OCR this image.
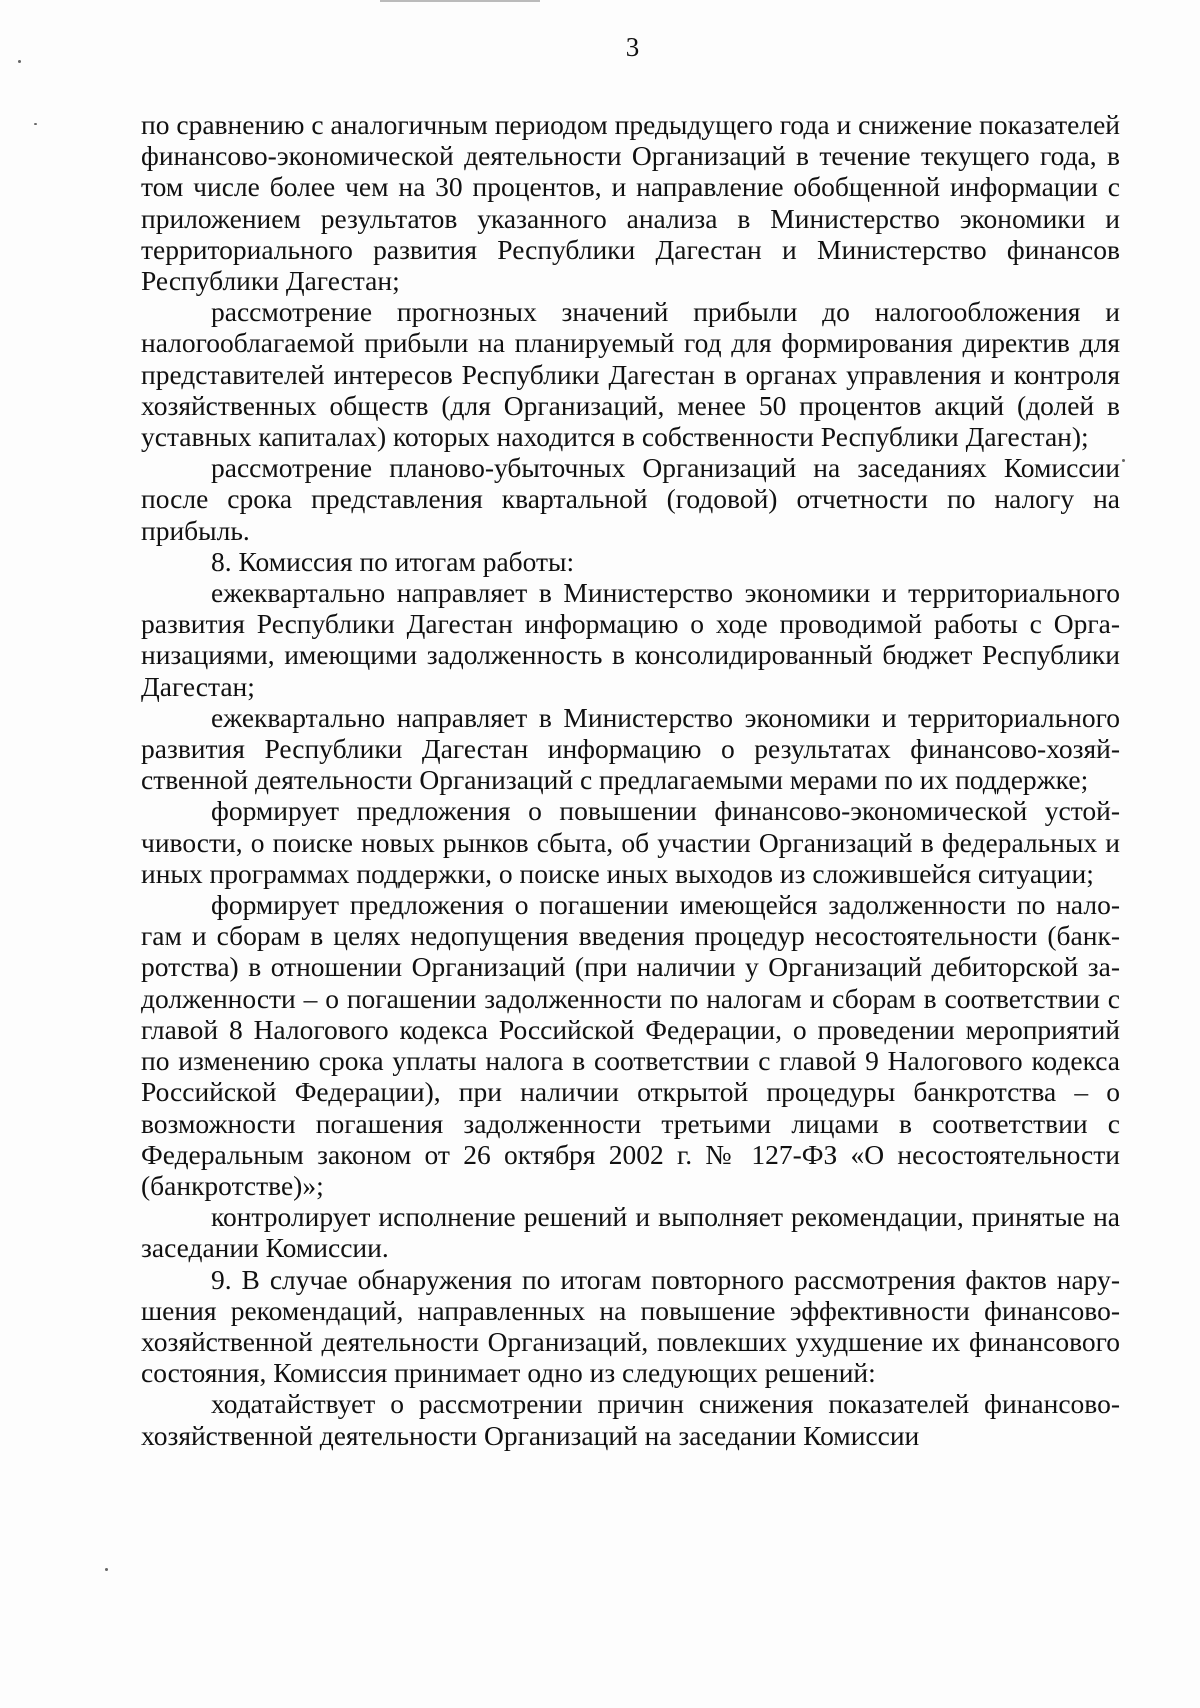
3

по сравнению с аналогичным периодом предыдущего года и снижение показателей финансово-экономической деятельности Организаций в течение текущего года, в том числе более чем на 30 процентов, и направление обобщенной информации с приложением результатов указанного анализа в Министерство экономики и территориального развития Республики Дагестан и Министерство финансов Республики Дагестан;

рассмотрение прогнозных значений прибыли до налогообложения и налогооблагаемой прибыли на планируемый год для формирования директив для представителей интересов Республики Дагестан в органах управления и контроля хозяйственных обществ (для Организаций, менее 50 процентов акций (долей в уставных капиталах) которых находится в собственности Республики Дагестан);

рассмотрение планово-убыточных Организаций на заседаниях Комиссии после срока представления квартальной (годовой) отчетности по налогу на прибыль.

8. Комиссия по итогам работы:

ежеквартально направляет в Министерство экономики и территориального развития Республики Дагестан информацию о ходе проводимой работы с Организациями, имеющими задолженность в консолидированный бюджет Республики Дагестан;

ежеквартально направляет в Министерство экономики и территориального развития Республики Дагестан информацию о результатах финансово-хозяйственной деятельности Организаций с предлагаемыми мерами по их поддержке;

формирует предложения о повышении финансово-экономической устойчивости, о поиске новых рынков сбыта, об участии Организаций в федеральных и иных программах поддержки, о поиске иных выходов из сложившейся ситуации;

формирует предложения о погашении имеющейся задолженности по налогам и сборам в целях недопущения введения процедур несостоятельности (банкротства) в отношении Организаций (при наличии у Организаций дебиторской задолженности – о погашении задолженности по налогам и сборам в соответствии с главой 8 Налогового кодекса Российской Федерации, о проведении мероприятий по изменению срока уплаты налога в соответствии с главой 9 Налогового кодекса Российской Федерации), при наличии открытой процедуры банкротства – о возможности погашения задолженности третьими лицами в соответствии с Федеральным законом от 26 октября 2002 г. № 127-ФЗ «О несостоятельности (банкротстве)»;

контролирует исполнение решений и выполняет рекомендации, принятые на заседании Комиссии.

9. В случае обнаружения по итогам повторного рассмотрения фактов нарушения рекомендаций, направленных на повышение эффективности финансово-хозяйственной деятельности Организаций, повлекших ухудшение их финансового состояния, Комиссия принимает одно из следующих решений:

ходатайствует о рассмотрении причин снижения показателей финансово-хозяйственной деятельности Организаций на заседании Комиссии
